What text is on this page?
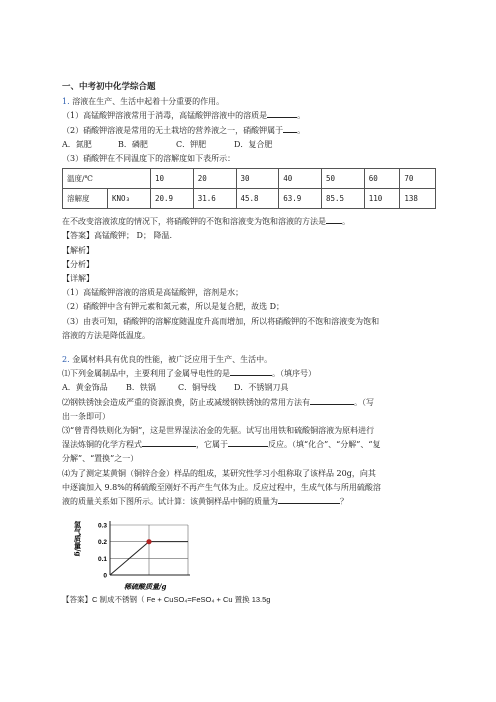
一、中考初中化学综合题
1. 溶液在生产、生活中起着十分重要的作用。
（1）高锰酸钾溶液常用于消毒，高锰酸钾溶液中的溶质是	。
（2）硝酸钾溶液是常用的无土栽培的营养液之一，硝酸钾属于 。
A．氮肥	B．磷肥	C．钾肥	D．复合肥
（3）硝酸钾在不同温度下的溶解度如下表所示：
温度/℃		10	20	30	40	50	60	70
溶解度	KNO₃	20.9	31.6	45.8	63.9	85.5	110	138
在不改变溶液浓度的情况下，将硝酸钾的不饱和溶液变为饱和溶液的方法是 。
【答案】高锰酸钾； D； 降温.
【解析】
【分析】
【详解】
（1）高锰酸钾溶液的溶质是高锰酸钾，溶剂是水；
（2）硝酸钾中含有钾元素和氮元素，所以是复合肥，故选 D；
（3）由表可知，硝酸钾的溶解度随温度升高而增加，所以将硝酸钾的不饱和溶液变为饱和
溶液的方法是降低温度。
2. 金属材料具有优良的性能，被广泛应用于生产、生活中。
⑴下列金属制品中，主要利用了金属导电性的是	。（填序号）
A．黄金饰品 B．铁锅	C．铜导线 D．不锈钢刀具
⑵钢铁锈蚀会造成严重的资源浪费，防止或减缓钢铁锈蚀的常用方法有	。（写
出一条即可）
⑶“曾青得铁则化为铜”，这是世界湿法冶金的先驱。试写出用铁和硫酸铜溶液为原料进行
湿法炼铜的化学方程式	，它属于	反应。（填“化合”、“分解”、“复
分解”、“置换”之一）
⑷为了测定某黄铜（铜锌合金）样品的组成，某研究性学习小组称取了该样品 20g，向其
中逐滴加入 9.8%的稀硫酸至刚好不再产生气体为止。反应过程中，生成气体与所用硫酸溶
液的质量关系如下图所示。试计算：该黄铜样品中铜的质量为	？
氢气质量/g
稀硫酸质量/g
0.3
0.2
0.1
0
【答案】C 制成不锈钢（ Fe + CuSO₄=FeSO₄ + Cu 置换 13.5g
